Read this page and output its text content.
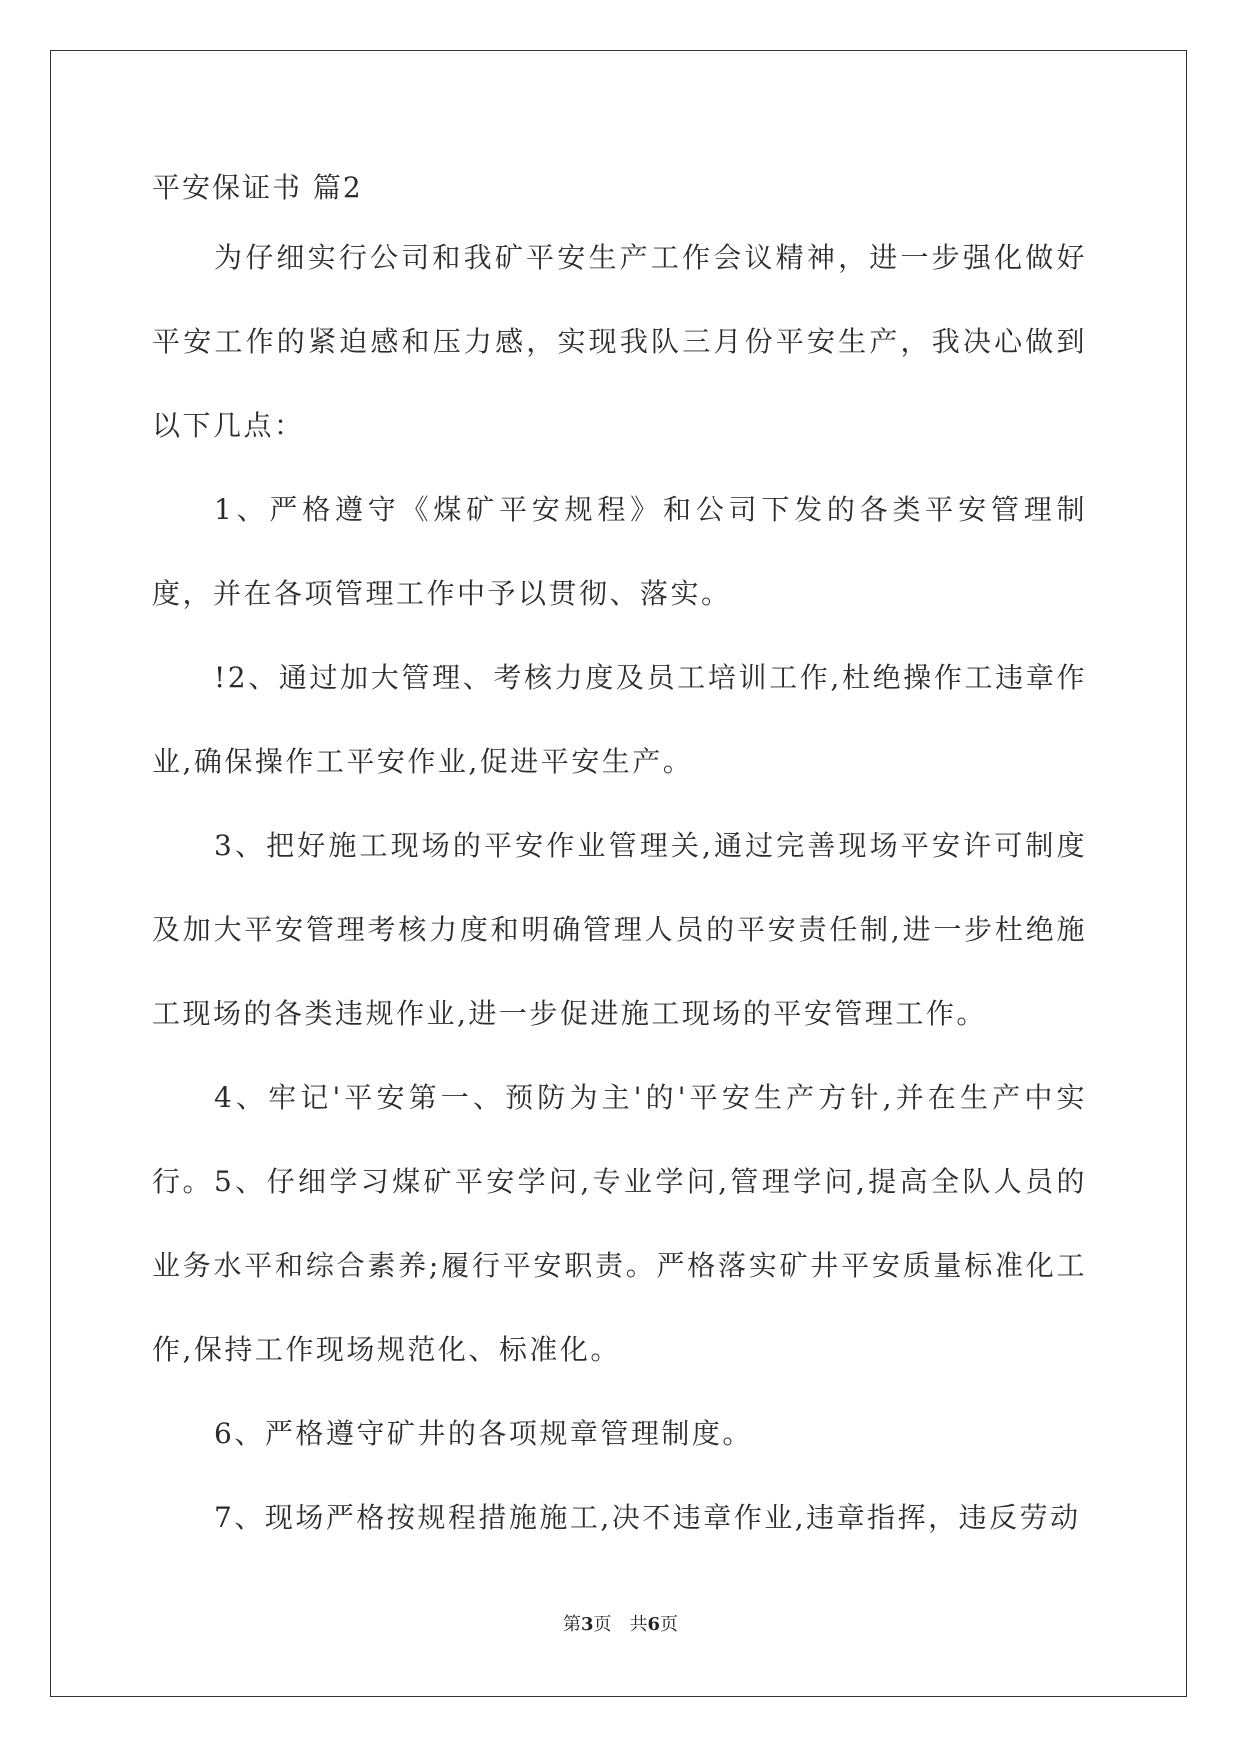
平安保证书 篇2

为仔细实行公司和我矿平安生产工作会议精神，进一步强化做好平安工作的紧迫感和压力感，实现我队三月份平安生产，我决心做到以下几点：

1、严格遵守《煤矿平安规程》和公司下发的各类平安管理制度，并在各项管理工作中予以贯彻、落实。

!2、通过加大管理、考核力度及员工培训工作,杜绝操作工违章作业,确保操作工平安作业,促进平安生产。

3、把好施工现场的平安作业管理关,通过完善现场平安许可制度及加大平安管理考核力度和明确管理人员的平安责任制,进一步杜绝施工现场的各类违规作业,进一步促进施工现场的平安管理工作。

4、牢记'平安第一、预防为主'的'平安生产方针,并在生产中实行。 5、仔细学习煤矿平安学问,专业学问,管理学问,提高全队人员的业务水平和综合素养;履行平安职责。严格落实矿井平安质量标准化工作,保持工作现场规范化、标准化。

6、严格遵守矿井的各项规章管理制度。

7、现场严格按规程措施施工,决不违章作业,违章指挥，违反劳动

第3页　共6页
